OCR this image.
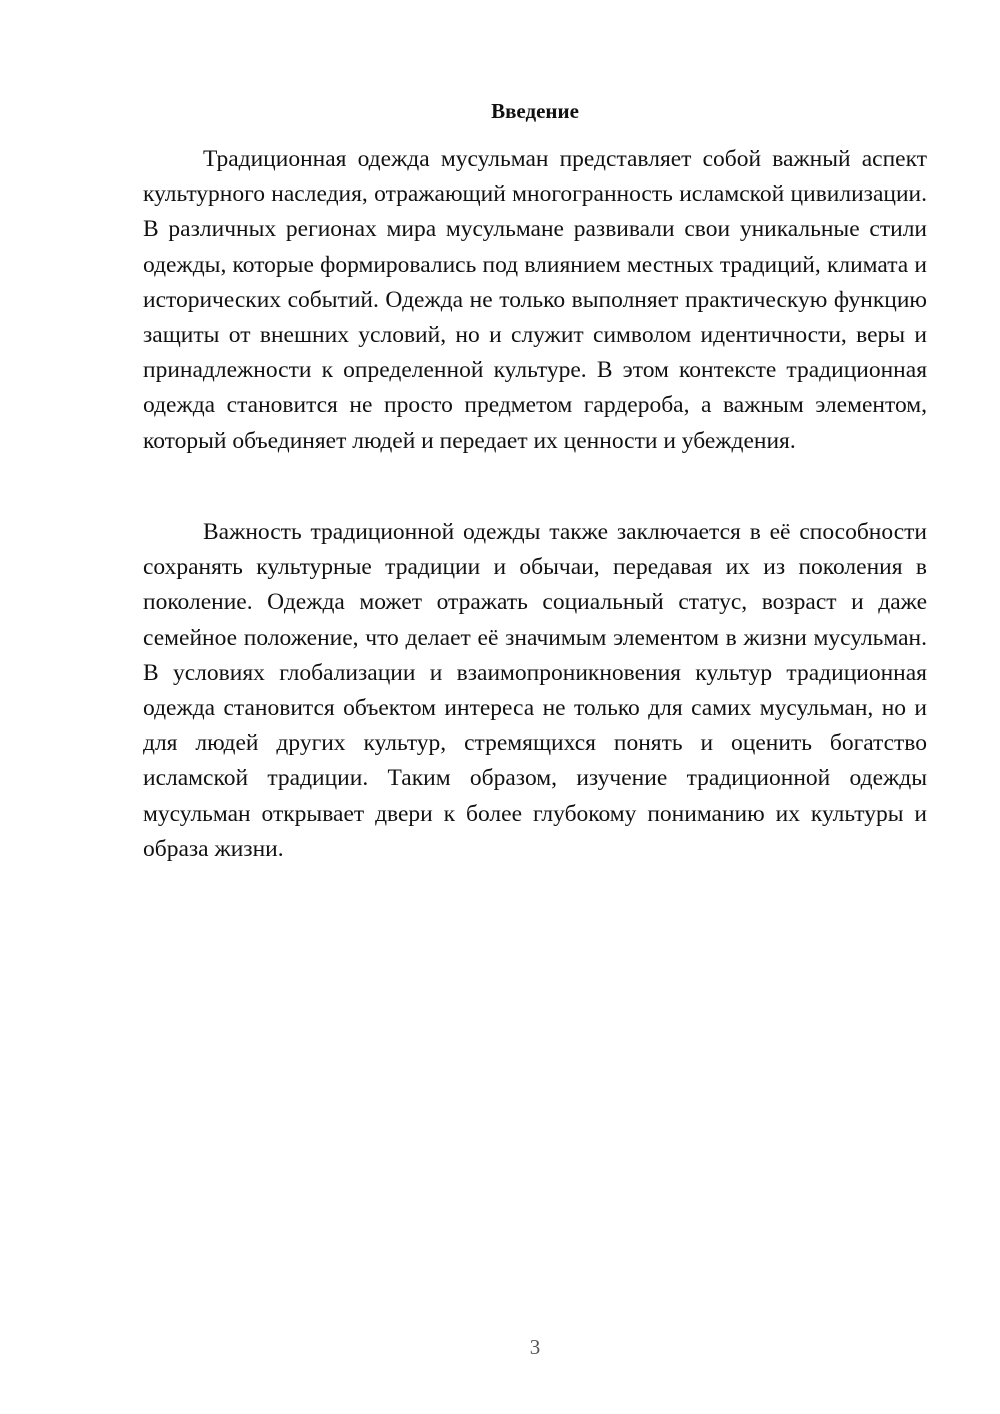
Введение

Традиционная одежда мусульман представляет собой важный аспект культурного наследия, отражающий многогранность исламской цивилизации. В различных регионах мира мусульмане развивали свои уникальные стили одежды, которые формировались под влиянием местных традиций, климата и исторических событий. Одежда не только выполняет практическую функцию защиты от внешних условий, но и служит символом идентичности, веры и принадлежности к определенной культуре. В этом контексте традиционная одежда становится не просто предметом гардероба, а важным элементом, который объединяет людей и передает их ценности и убеждения.

Важность традиционной одежды также заключается в её способности сохранять культурные традиции и обычаи, передавая их из поколения в поколение. Одежда может отражать социальный статус, возраст и даже семейное положение, что делает её значимым элементом в жизни мусульман. В условиях глобализации и взаимопроникновения культур традиционная одежда становится объектом интереса не только для самих мусульман, но и для людей других культур, стремящихся понять и оценить богатство исламской традиции. Таким образом, изучение традиционной одежды мусульман открывает двери к более глубокому пониманию их культуры и образа жизни.

3
